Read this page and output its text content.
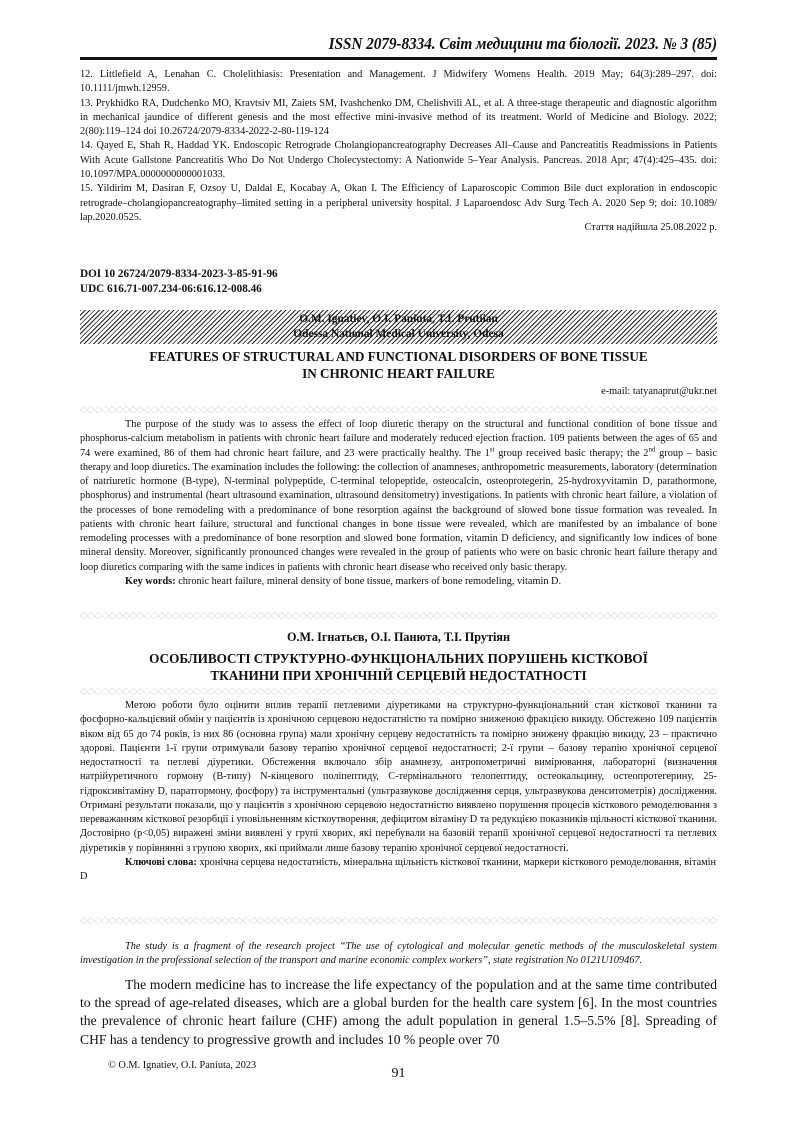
ISSN 2079-8334. Світ медицини та біології. 2023. № 3 (85)

12. Littlefield A, Lenahan C. Cholelithiasis: Presentation and Management. J Midwifery Womens Health. 2019 May; 64(3):289–297. doi: 10.1111/jmwh.12959.

13. Prykhidko RA, Dudchenko MO, Kravtsiv MI, Zaiets SM, Ivashchenko DM, Chelishvili AL, et al. A three-stage therapeutic and diagnostic algorithm in mechanical jaundice of different genesis and the most effective mini-invasive method of its treatment. World of Medicine and Biology. 2022; 2(80):119–124 doi 10.26724/2079-8334-2022-2-80-119-124

14. Qayed E, Shah R, Haddad YK. Endoscopic Retrograde Cholangiopancreatography Decreases All–Cause and Pancreatitis Readmissions in Patients With Acute Gallstone Pancreatitis Who Do Not Undergo Cholecystectomy: A Nationwide 5–Year Analysis. Pancreas. 2018 Apr; 47(4):425–435. doi: 10.1097/MPA.0000000000001033.

15. Yildirim M, Dasiran F, Ozsoy U, Daldal E, Kocabay A, Okan I. The Efficiency of Laparoscopic Common Bile duct exploration in endoscopic retrograde–cholangiopancreatography–limited setting in a peripheral university hospital. J Laparoendosc Adv Surg Tech A. 2020 Sep 9; doi: 10.1089/ lap.2020.0525.

Стаття надійшла 25.08.2022 р.
DOI 10 26724/2079-8334-2023-3-85-91-96
UDC 616.71-007.234-06:616.12-008.46
O.M. Ignatiev, O.I. Paniuta, T.I. Prutiian
Odessa National Medical University, Odesa
FEATURES OF STRUCTURAL AND FUNCTIONAL DISORDERS OF BONE TISSUE
IN CHRONIC HEART FAILURE
e-mail: tatyanaprut@ukr.net

The purpose of the study was to assess the effect of loop diuretic therapy on the structural and functional condition of bone tissue and phosphorus-calcium metabolism in patients with chronic heart failure and moderately reduced ejection fraction. 109 patients between the ages of 65 and 74 were examined, 86 of them had chronic heart failure, and 23 were practically healthy. The 1st group received basic therapy; the 2nd group – basic therapy and loop diuretics. The examination includes the following: the collection of anamneses, anthropometric measurements, laboratory (determination of natriuretic hormone (B-type), N-terminal polypeptide, C-terminal telopeptide, osteocalcin, osteoprotegerin, 25-hydroxyvitamin D, parathormone, phosphorus) and instrumental (heart ultrasound examination, ultrasound densitometry) investigations. In patients with chronic heart failure, a violation of the processes of bone remodeling with a predominance of bone resorption against the background of slowed bone tissue formation was revealed. In patients with chronic heart failure, structural and functional changes in bone tissue were revealed, which are manifested by an imbalance of bone remodeling processes with a predominance of bone resorption and slowed bone formation, vitamin D deficiency, and significantly low indices of bone mineral density. Moreover, significantly pronounced changes were revealed in the group of patients who were on basic chronic heart failure therapy and loop diuretics comparing with the same indices in patients with chronic heart disease who received only basic therapy.

Key words: chronic heart failure, mineral density of bone tissue, markers of bone remodeling, vitamin D.

О.М. Ігнатьєв, О.І. Панюта, Т.І. Прутіян
ОСОБЛИВОСТІ СТРУКТУРНО-ФУНКЦІОНАЛЬНИХ ПОРУШЕНЬ КІСТКОВОЇ
ТКАНИНИ ПРИ ХРОНІЧНІЙ СЕРЦЕВІЙ НЕДОСТАТНОСТІ

Метою роботи було оцінити вплив терапії петлевими діуретиками на структурно-функціональний стан кісткової тканини та фосфорно-кальцієвий обмін у пацієнтів із хронічною серцевою недостатністю та помірно зниженою фракцією викиду. Обстежено 109 пацієнтів віком від 65 до 74 років, із них 86 (основна група) мали хронічну серцеву недостатність та помірно знижену фракцію викиду, 23 – практично здорові. Пацієнти 1-ї групи отримували базову терапію хронічної серцевої недостатності; 2-ї групи – базову терапію хронічної серцевої недостатності та петлеві діуретики. Обстеження включало збір анамнезу, антропометричні вимірювання, лабораторні (визначення натрійуретичного гормону (B-типу) N-кінцевого поліпептиду, С-термінального телопептиду, остеокальцину, остеопротегерину, 25-гідроксивітаміну D, паратгормону, фосфору) та інструментальні (ультразвукове дослідження серця, ультразвукова денситометрія) дослідження. Отримані результати показали, що у пацієнтів з хронічною серцевою недостатністю виявлено порушення процесів кісткового ремоделювання з переважанням кісткової резорбції і уповільненням кісткоутворення, дефіцитом вітаміну D та редукцією показників щільності кісткової тканини. Достовірно (р<0,05) виражені зміни виявлені у групі хворих, які перебували на базовій терапії хронічної серцевої недостатності та петлевих діуретиків у порівнянні з групою хворих, які приймали лише базову терапію хронічної серцевої недостатності.

Ключові слова: хронічна серцева недостатність, мінеральна щільність кісткової тканини, маркери кісткового ремоделювання, вітамін D

The study is a fragment of the research project “The use of cytological and molecular genetic methods of the musculoskeletal system investigation in the professional selection of the transport and marine economic complex workers”, state registration No 0121U109467.

The modern medicine has to increase the life expectancy of the population and at the same time contributed to the spread of age-related diseases, which are a global burden for the health care system [6]. In the most countries the prevalence of chronic heart failure (CHF) among the adult population in general 1.5–5.5% [8]. Spreading of CHF has a tendency to progressive growth and includes 10 % people over 70

© O.M. Ignatiev, O.I. Paniuta, 2023
91
